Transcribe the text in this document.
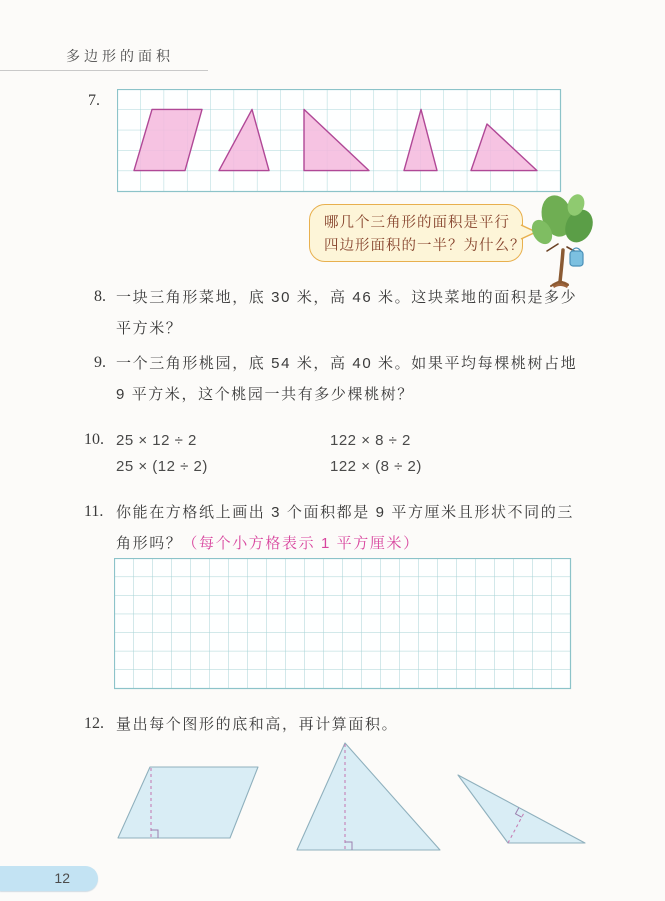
多边形的面积
7.
哪几个三角形的面积是平行
四边形面积的一半？为什么？
8. 一块三角形菜地，底 30 米，高 46 米。这块菜地的面积是多少
平方米？
9. 一个三角形桃园，底 54 米，高 40 米。如果平均每棵桃树占地
9 平方米，这个桃园一共有多少棵桃树？
10. 25 × 12 ÷ 2	122 × 8 ÷ 2
25 × (12 ÷ 2)	122 × (8 ÷ 2)
11. 你能在方格纸上画出 3 个面积都是 9 平方厘米且形状不同的三
角形吗？（每个小方格表示 1 平方厘米）
12. 量出每个图形的底和高，再计算面积。
12
